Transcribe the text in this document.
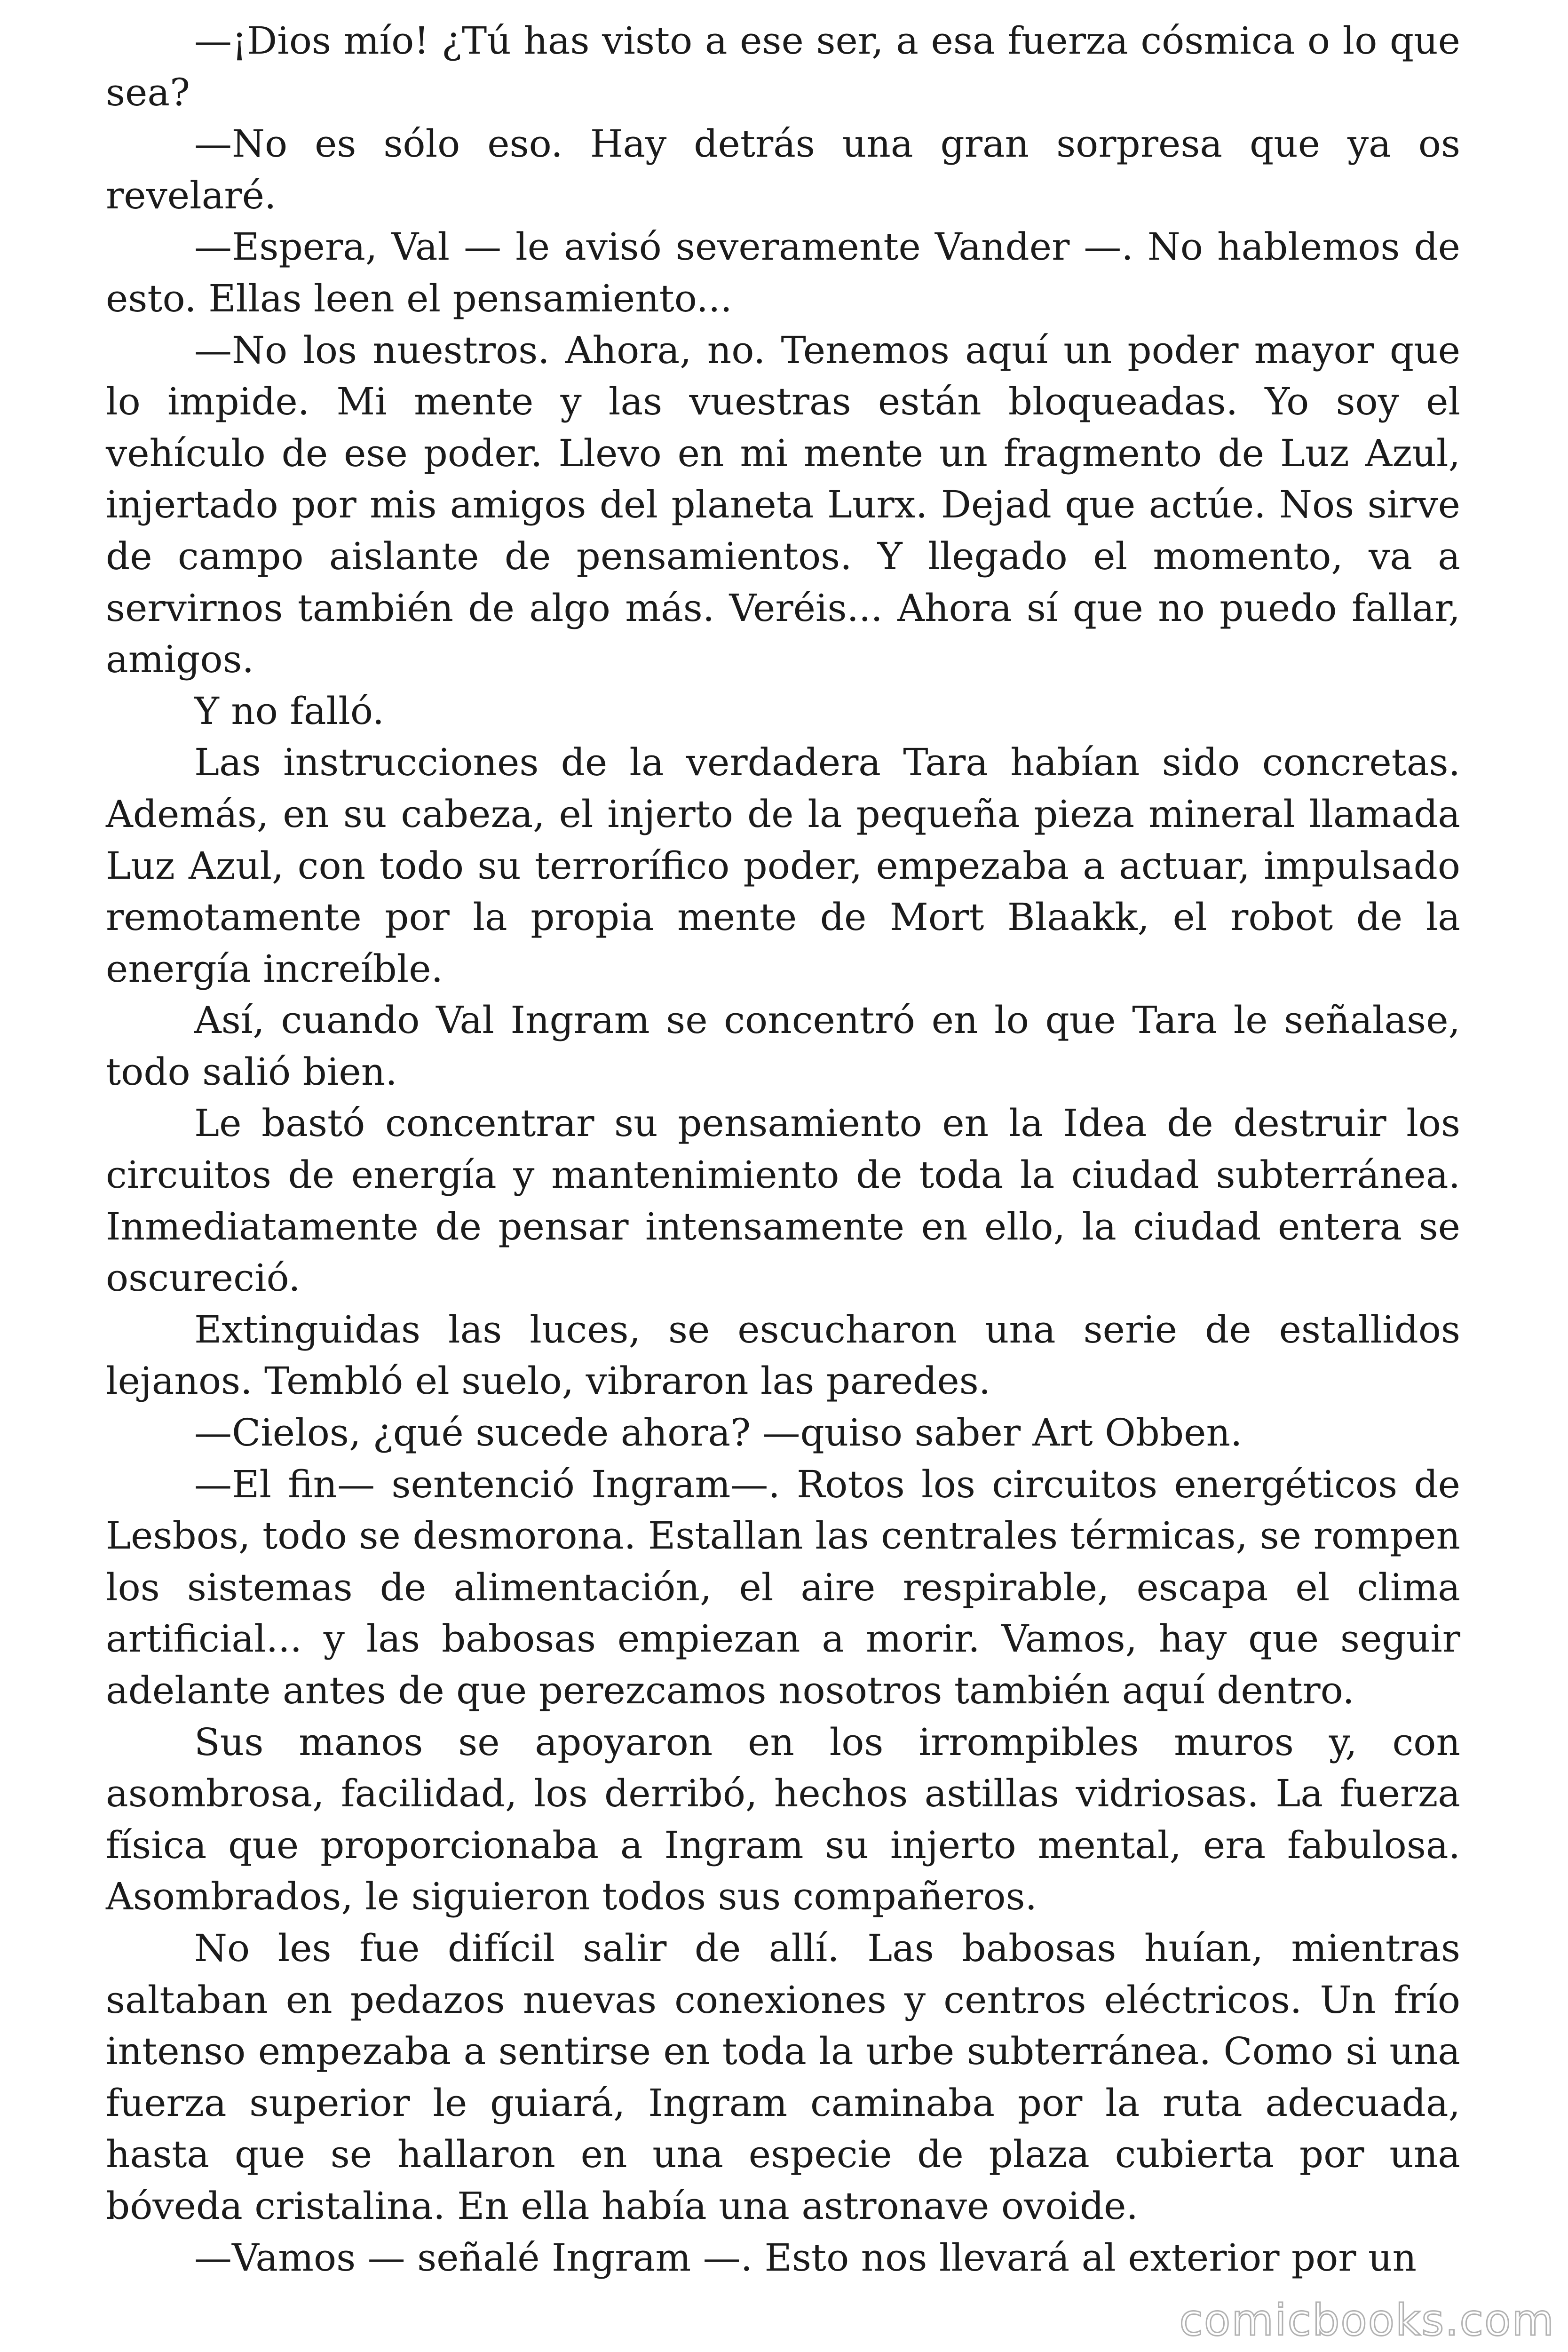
—¡Dios mío! ¿Tú has visto a ese ser, a esa fuerza cósmica o lo que sea?

—No es sólo eso. Hay detrás una gran sorpresa que ya os revelaré.

—Espera, Val — le avisó severamente Vander —. No hablemos de esto. Ellas leen el pensamiento...

—No los nuestros. Ahora, no. Tenemos aquí un poder mayor que lo impide. Mi mente y las vuestras están bloqueadas. Yo soy el vehículo de ese poder. Llevo en mi mente un fragmento de Luz Azul, injertado por mis amigos del planeta Lurx. Dejad que actúe. Nos sirve de campo aislante de pensamientos. Y llegado el momento, va a servirnos también de algo más. Veréis... Ahora sí que no puedo fallar, amigos.

Y no falló.

Las instrucciones de la verdadera Tara habían sido concretas. Además, en su cabeza, el injerto de la pequeña pieza mineral llamada Luz Azul, con todo su terrorífico poder, empezaba a actuar, impulsado remotamente por la propia mente de Mort Blaakk, el robot de la energía increíble.

Así, cuando Val Ingram se concentró en lo que Tara le señalase, todo salió bien.

Le bastó concentrar su pensamiento en la Idea de destruir los circuitos de energía y mantenimiento de toda la ciudad subterránea. Inmediatamente de pensar intensamente en ello, la ciudad entera se oscureció.

Extinguidas las luces, se escucharon una serie de estallidos lejanos. Tembló el suelo, vibraron las paredes.

—Cielos, ¿qué sucede ahora? —quiso saber Art Obben.

—El fin— sentenció Ingram—. Rotos los circuitos energéticos de Lesbos, todo se desmorona. Estallan las centrales térmicas, se rompen los sistemas de alimentación, el aire respirable, escapa el clima artificial... y las babosas empiezan a morir. Vamos, hay que seguir adelante antes de que perezcamos nosotros también aquí dentro.

Sus manos se apoyaron en los irrompibles muros y, con asombrosa, facilidad, los derribó, hechos astillas vidriosas. La fuerza física que proporcionaba a Ingram su injerto mental, era fabulosa. Asombrados, le siguieron todos sus compañeros.

No les fue difícil salir de allí. Las babosas huían, mientras saltaban en pedazos nuevas conexiones y centros eléctricos. Un frío intenso empezaba a sentirse en toda la urbe subterránea. Como si una fuerza superior le guiará, Ingram caminaba por la ruta adecuada, hasta que se hallaron en una especie de plaza cubierta por una bóveda cristalina. En ella había una astronave ovoide.

—Vamos — señalé Ingram —. Esto nos llevará al exterior por un

comicbooks.com
